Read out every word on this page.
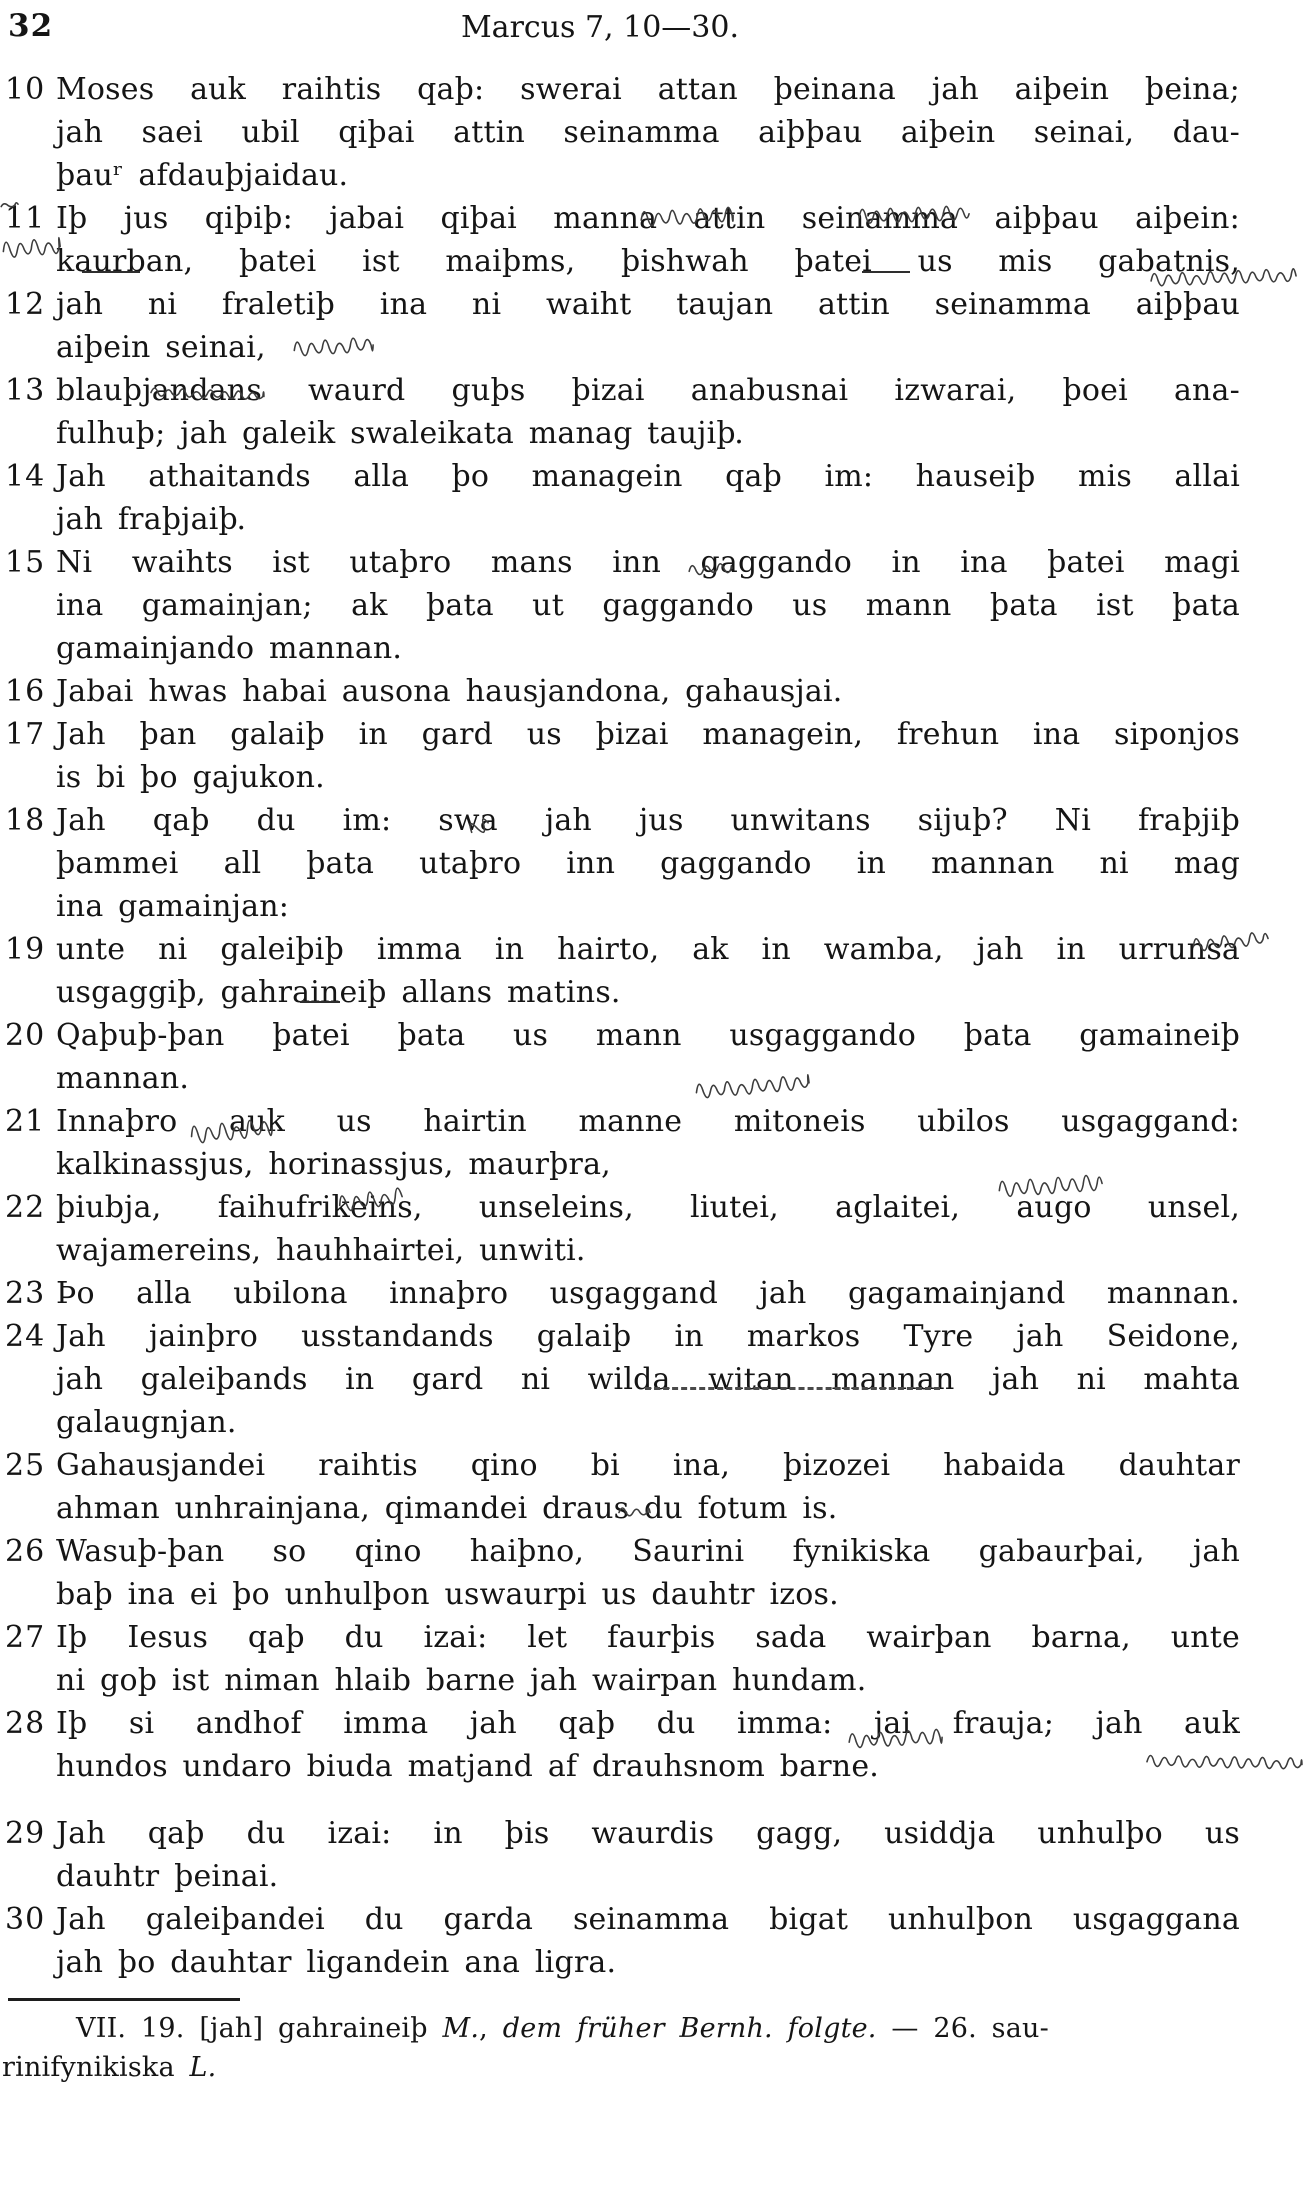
32	Marcus 7, 10—30.
10 Moses auk raihtis qaþ: swerai attan þeinana jah aiþein þeina;
jah saei ubil qiþai attin seinamma aiþþau aiþein seinai, dau-
þauʳ afdauþjaidau.
11 Iþ jus qiþiþ: jabai qiþai manna attin seinamma aiþþau aiþein:
kaurban, þatei ist maiþms, þishwah þatei us mis gabatnis,
12 jah ni fraletiþ ina ni waiht taujan attin seinamma aiþþau
aiþein seinai,
13 blauþjandans waurd guþs þizai anabusnai izwarai, þoei ana-
fulhuþ; jah galeik swaleikata manag taujiþ.
14 Jah athaitands alla þo managein qaþ im: hauseiþ mis allai
jah fraþjaiþ.
15 Ni waihts ist utaþro mans inn gaggando in ina þatei magi
ina gamainjan; ak þata ut gaggando us mann þata ist þata
gamainjando mannan.
16 Jabai hwas habai ausona hausjandona, gahausjai.
17 Jah þan galaiþ in gard us þizai managein, frehun ina siponjos
is bi þo gajukon.
18 Jah qaþ du im: swa jah jus unwitans sijuþ? Ni fraþjiþ
þammei all þata utaþro inn gaggando in mannan ni mag
ina gamainjan:
19 unte ni galeiþiþ imma in hairto, ak in wamba, jah in urrunsa
usgaggiþ, gahraineiþ allans matins.
20 Qaþuþ-þan þatei þata us mann usgaggando þata gamaineiþ
mannan.
21 Innaþro auk us hairtin manne mitoneis ubilos usgaggand:
kalkinassjus, horinassjus, maurþra,
22 þiubja, faihufrikeins, unseleins, liutei, aglaitei, augo unsel,
wajamereins, hauhhairtei, unwiti.
23 Þo alla ubilona innaþro usgaggand jah gagamainjand mannan.
24 Jah jainþro usstandands galaiþ in markos Tyre jah Seidone,
jah galeiþands in gard ni wilda witan mannan jah ni mahta
galaugnjan.
25 Gahausjandei raihtis qino bi ina, þizozei habaida dauhtar
ahman unhrainjana, qimandei draus du fotum is.
26 Wasuþ-þan so qino haiþno, Saurini fynikiska gabaurþai, jah
baþ ina ei þo unhulþon uswaurpi us dauhtr izos.
27 Iþ Iesus qaþ du izai: let faurþis sada wairþan barna, unte
ni goþ ist niman hlaib barne jah wairpan hundam.
28 Iþ si andhof imma jah qaþ du imma: jai frauja; jah auk
hundos undaro biuda matjand af drauhsnom barne.
29 Jah qaþ du izai: in þis waurdis gagg, usiddja unhulþo us
dauhtr þeinai.
30 Jah galeiþandei du garda seinamma bigat unhulþon usgaggana
jah þo dauhtar ligandein ana ligra.
VII. 19. [jah] gahraineiþ M., dem früher Bernh. folgte. — 26. sau-
rinifynikiska L.
